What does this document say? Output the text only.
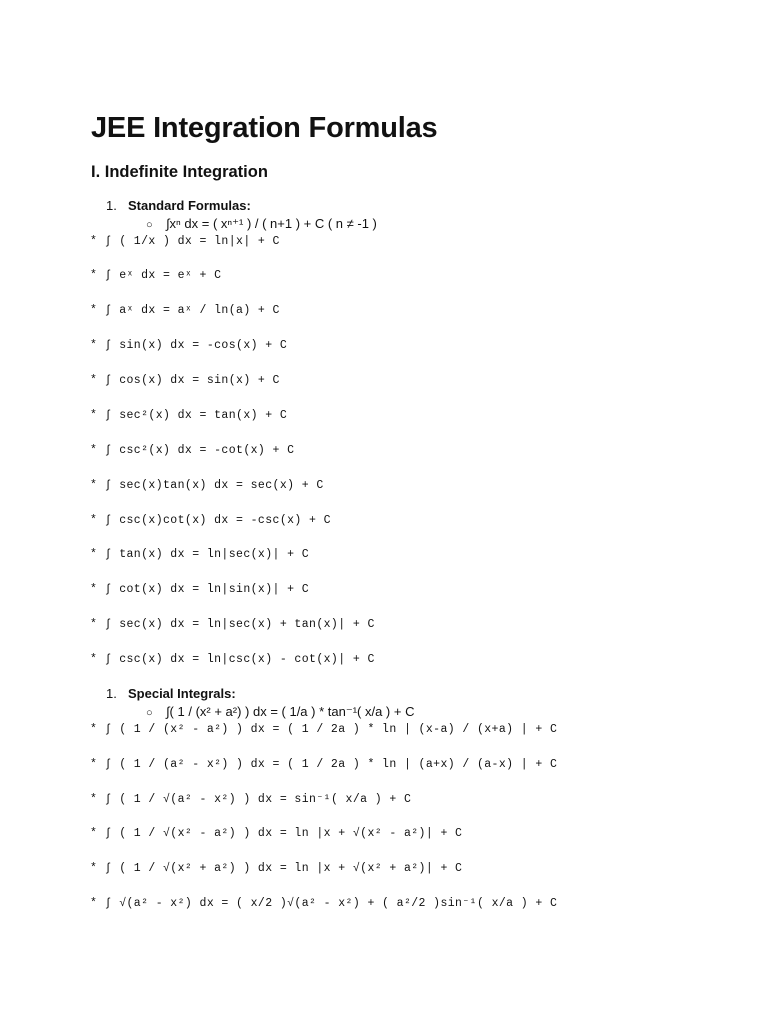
JEE Integration Formulas
I. Indefinite Integration
1. Standard Formulas:
○ ∫xⁿ dx = ( xⁿ⁺¹ ) / ( n+1 ) + C ( n ≠ -1 )
* ∫ ( 1/x ) dx = ln|x| + C
* ∫ eˣ dx = eˣ + C
* ∫ aˣ dx = aˣ / ln(a) + C
* ∫ sin(x) dx = -cos(x) + C
* ∫ cos(x) dx = sin(x) + C
* ∫ sec²(x) dx = tan(x) + C
* ∫ csc²(x) dx = -cot(x) + C
* ∫ sec(x)tan(x) dx = sec(x) + C
* ∫ csc(x)cot(x) dx = -csc(x) + C
* ∫ tan(x) dx = ln|sec(x)| + C
* ∫ cot(x) dx = ln|sin(x)| + C
* ∫ sec(x) dx = ln|sec(x) + tan(x)| + C
* ∫ csc(x) dx = ln|csc(x) - cot(x)| + C
1. Special Integrals:
○ ∫( 1 / (x² + a²) ) dx = ( 1/a ) * tan⁻¹( x/a ) + C
* ∫ ( 1 / (x² - a²) ) dx = ( 1 / 2a ) * ln | (x-a) / (x+a) | + C
* ∫ ( 1 / (a² - x²) ) dx = ( 1 / 2a ) * ln | (a+x) / (a-x) | + C
* ∫ ( 1 / √(a² - x²) ) dx = sin⁻¹( x/a ) + C
* ∫ ( 1 / √(x² - a²) ) dx = ln |x + √(x² - a²)| + C
* ∫ ( 1 / √(x² + a²) ) dx = ln |x + √(x² + a²)| + C
* ∫ √(a² - x²) dx = ( x/2 )√(a² - x²) + ( a²/2 )sin⁻¹( x/a ) + C
